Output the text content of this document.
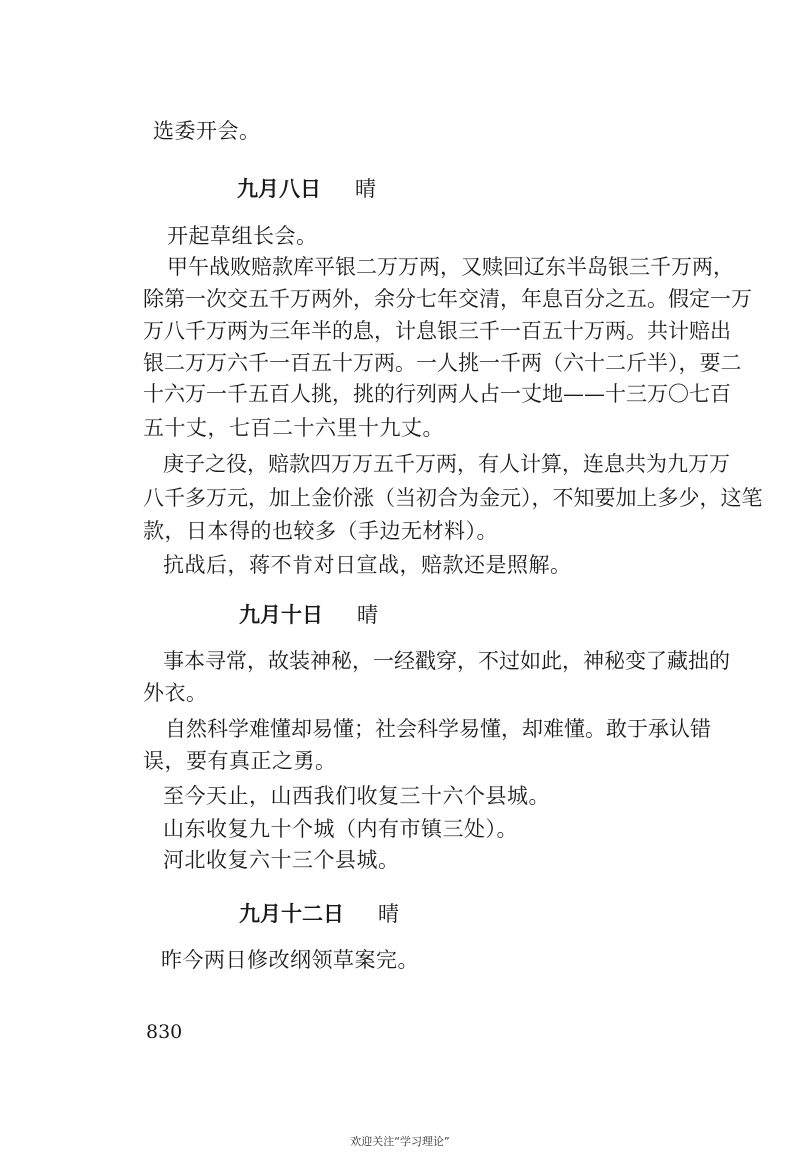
选委开会。
九月八日 晴
开起草组长会。
甲午战败赔款库平银二万万两，又赎回辽东半岛银三千万两，
除第一次交五千万两外，余分七年交清，年息百分之五。假定一万
万八千万两为三年半的息，计息银三千一百五十万两。共计赔出
银二万万六千一百五十万两。一人挑一千两（六十二斤半），要二
十六万一千五百人挑，挑的行列两人占一丈地——十三万〇七百
五十丈，七百二十六里十九丈。
庚子之役，赔款四万万五千万两，有人计算，连息共为九万万
八千多万元，加上金价涨（当初合为金元），不知要加上多少，这笔
款，日本得的也较多（手边无材料）。
抗战后，蒋不肯对日宣战，赔款还是照解。
九月十日 晴
事本寻常，故装神秘，一经戳穿，不过如此，神秘变了藏拙的
外衣。
自然科学难懂却易懂；社会科学易懂，却难懂。敢于承认错
误，要有真正之勇。
至今天止，山西我们收复三十六个县城。
山东收复九十个城（内有市镇三处）。
河北收复六十三个县城。
九月十二日 晴
昨今两日修改纲领草案完。
830
欢迎关注“学习理论”
